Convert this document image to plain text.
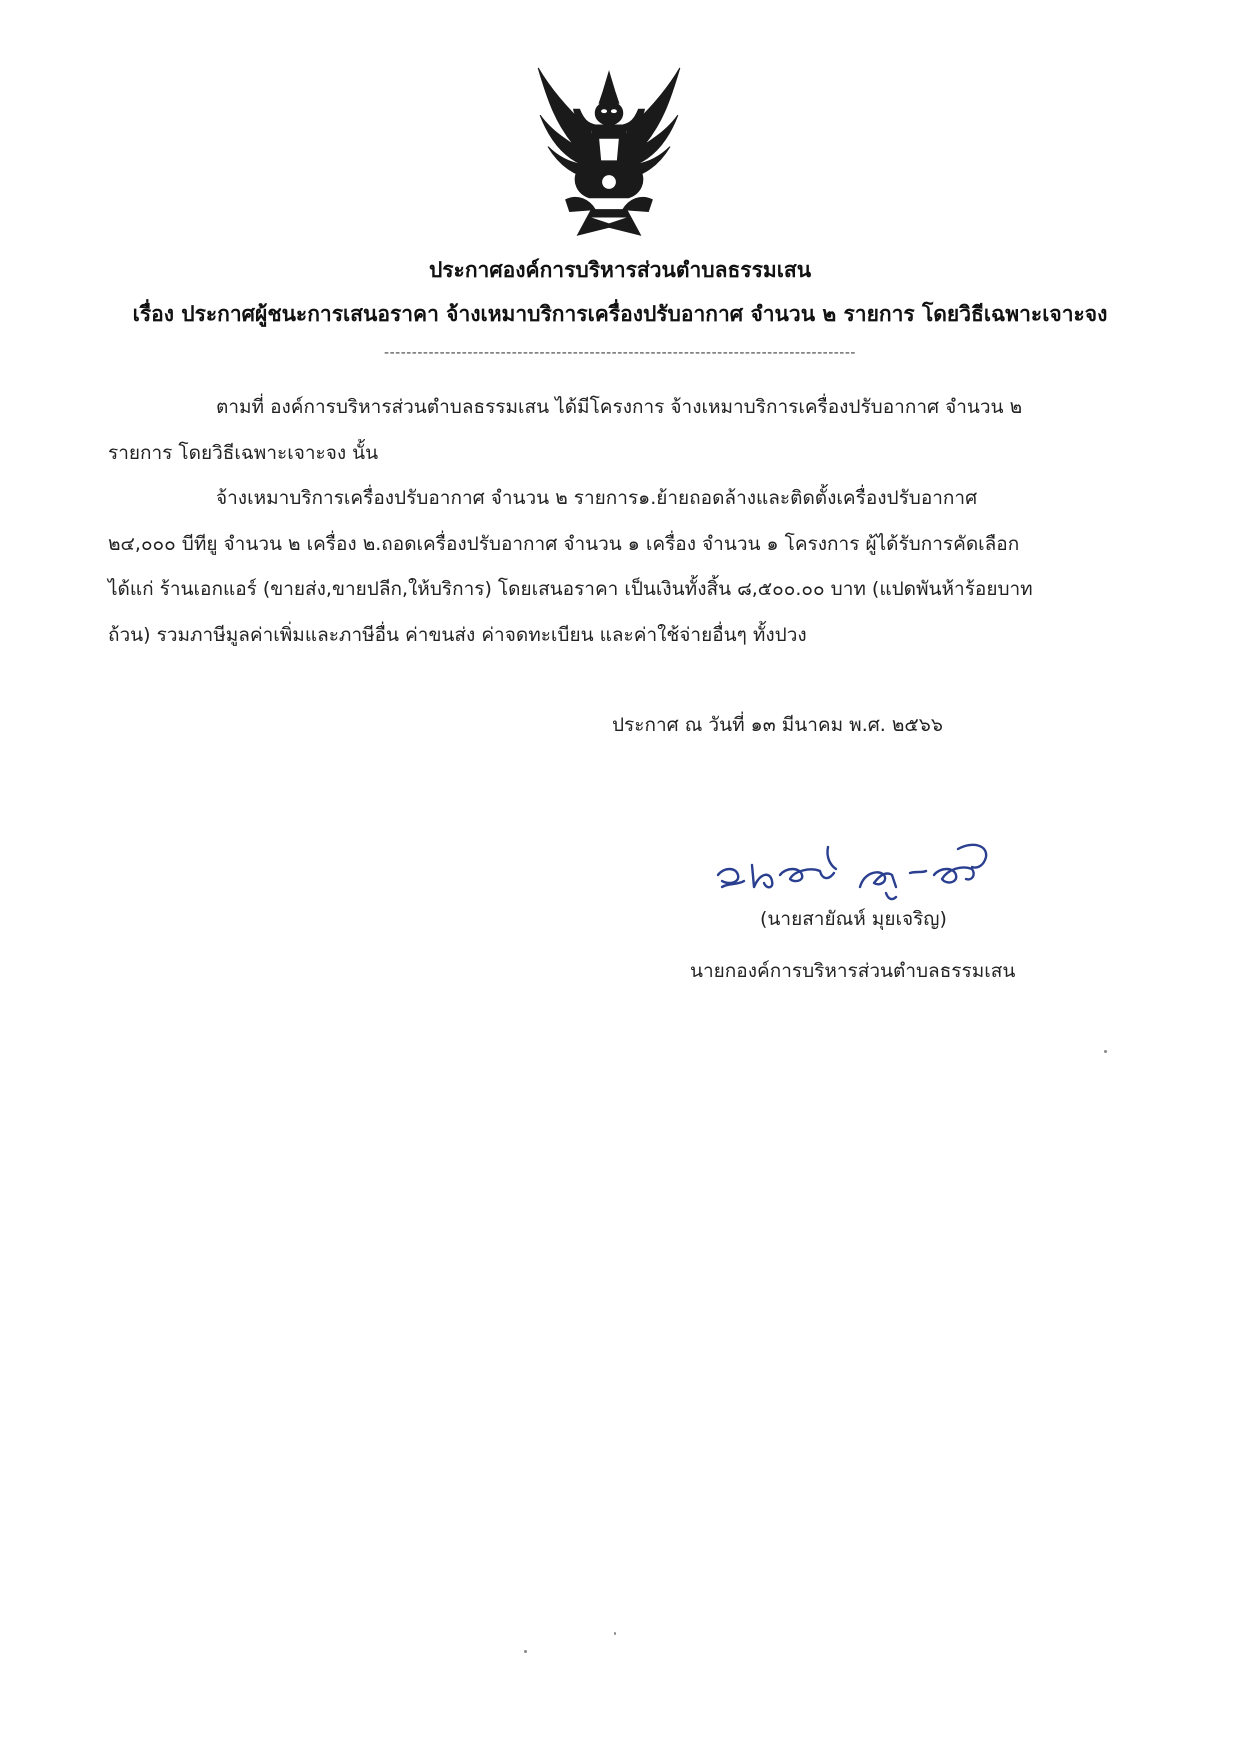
ประกาศองค์การบริหารส่วนตำบลธรรมเสน
เรื่อง ประกาศผู้ชนะการเสนอราคา จ้างเหมาบริการเครื่องปรับอากาศ จำนวน ๒ รายการ โดยวิธีเฉพาะเจาะจง
-------------------------------------------------------------------------------------
ตามที่ องค์การบริหารส่วนตำบลธรรมเสน ได้มีโครงการ จ้างเหมาบริการเครื่องปรับอากาศ จำนวน ๒
รายการ โดยวิธีเฉพาะเจาะจง นั้น
จ้างเหมาบริการเครื่องปรับอากาศ จำนวน ๒ รายการ๑.ย้ายถอดล้างและติดตั้งเครื่องปรับอากาศ
๒๔,๐๐๐ บีทียู จำนวน ๒ เครื่อง ๒.ถอดเครื่องปรับอากาศ จำนวน ๑ เครื่อง จำนวน ๑ โครงการ ผู้ได้รับการคัดเลือก
ได้แก่ ร้านเอกแอร์ (ขายส่ง,ขายปลีก,ให้บริการ) โดยเสนอราคา เป็นเงินทั้งสิ้น ๘,๕๐๐.๐๐ บาท (แปดพันห้าร้อยบาท
ถ้วน) รวมภาษีมูลค่าเพิ่มและภาษีอื่น ค่าขนส่ง ค่าจดทะเบียน และค่าใช้จ่ายอื่นๆ ทั้งปวง
ประกาศ ณ วันที่ ๑๓ มีนาคม พ.ศ. ๒๕๖๖
(นายสายัณห์ มุยเจริญ)
นายกองค์การบริหารส่วนตำบลธรรมเสน
